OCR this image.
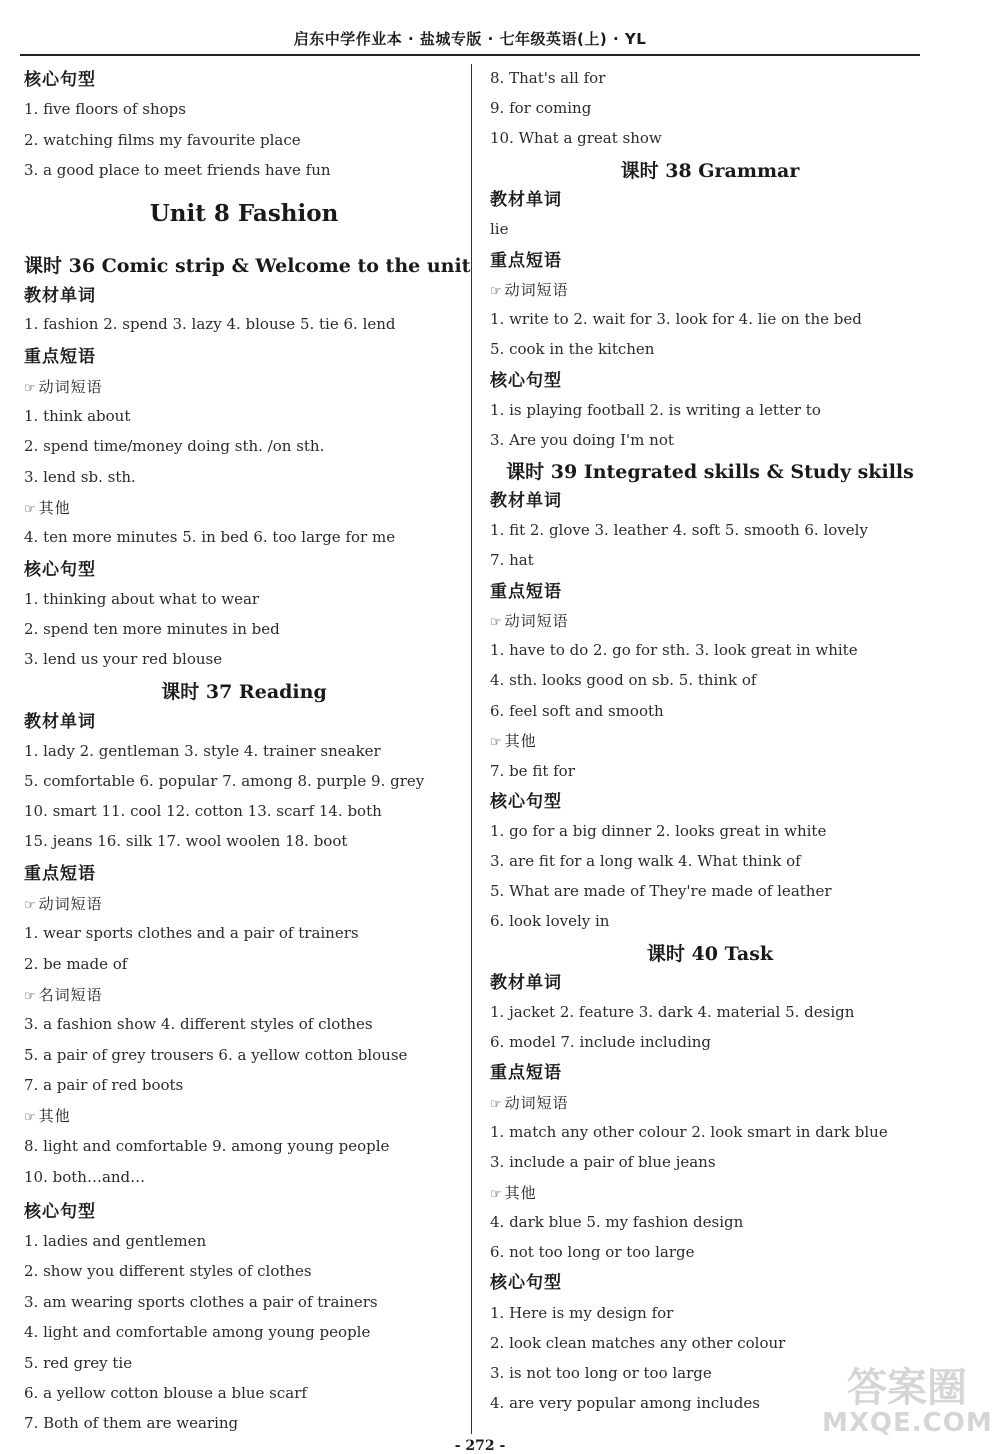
启东中学作业本 · 盐城专版 · 七年级英语(上) · YL
核心句型
1. five floors of shops
2. watching films my favourite place
3. a good place to meet friends have fun
Unit 8 Fashion
课时 36 Comic strip & Welcome to the unit
教材单词
1. fashion 2. spend 3. lazy 4. blouse 5. tie 6. lend
重点短语
☞ 动词短语
1. think about
2. spend time/money doing sth. /on sth.
3. lend sb. sth.
☞ 其他
4. ten more minutes 5. in bed 6. too large for me
核心句型
1. thinking about what to wear
2. spend ten more minutes in bed
3. lend us your red blouse
课时 37 Reading
教材单词
1. lady 2. gentleman 3. style 4. trainer sneaker
5. comfortable 6. popular 7. among 8. purple 9. grey
10. smart 11. cool 12. cotton 13. scarf 14. both
15. jeans 16. silk 17. wool woolen 18. boot
重点短语
☞ 动词短语
1. wear sports clothes and a pair of trainers
2. be made of
☞ 名词短语
3. a fashion show 4. different styles of clothes
5. a pair of grey trousers 6. a yellow cotton blouse
7. a pair of red boots
☞ 其他
8. light and comfortable 9. among young people
10. both…and…
核心句型
1. ladies and gentlemen
2. show you different styles of clothes
3. am wearing sports clothes a pair of trainers
4. light and comfortable among young people
5. red grey tie
6. a yellow cotton blouse a blue scarf
7. Both of them are wearing
8. That's all for
9. for coming
10. What a great show
课时 38 Grammar
教材单词
lie
重点短语
☞ 动词短语
1. write to 2. wait for 3. look for 4. lie on the bed
5. cook in the kitchen
核心句型
1. is playing football 2. is writing a letter to
3. Are you doing I'm not
课时 39 Integrated skills & Study skills
教材单词
1. fit 2. glove 3. leather 4. soft 5. smooth 6. lovely
7. hat
重点短语
☞ 动词短语
1. have to do 2. go for sth. 3. look great in white
4. sth. looks good on sb. 5. think of
6. feel soft and smooth
☞ 其他
7. be fit for
核心句型
1. go for a big dinner 2. looks great in white
3. are fit for a long walk 4. What think of
5. What are made of They're made of leather
6. look lovely in
课时 40 Task
教材单词
1. jacket 2. feature 3. dark 4. material 5. design
6. model 7. include including
重点短语
☞ 动词短语
1. match any other colour 2. look smart in dark blue
3. include a pair of blue jeans
☞ 其他
4. dark blue 5. my fashion design
6. not too long or too large
核心句型
1. Here is my design for
2. look clean matches any other colour
3. is not too long or too large
4. are very popular among includes
- 272 -
答案圈
MXQE.COM
